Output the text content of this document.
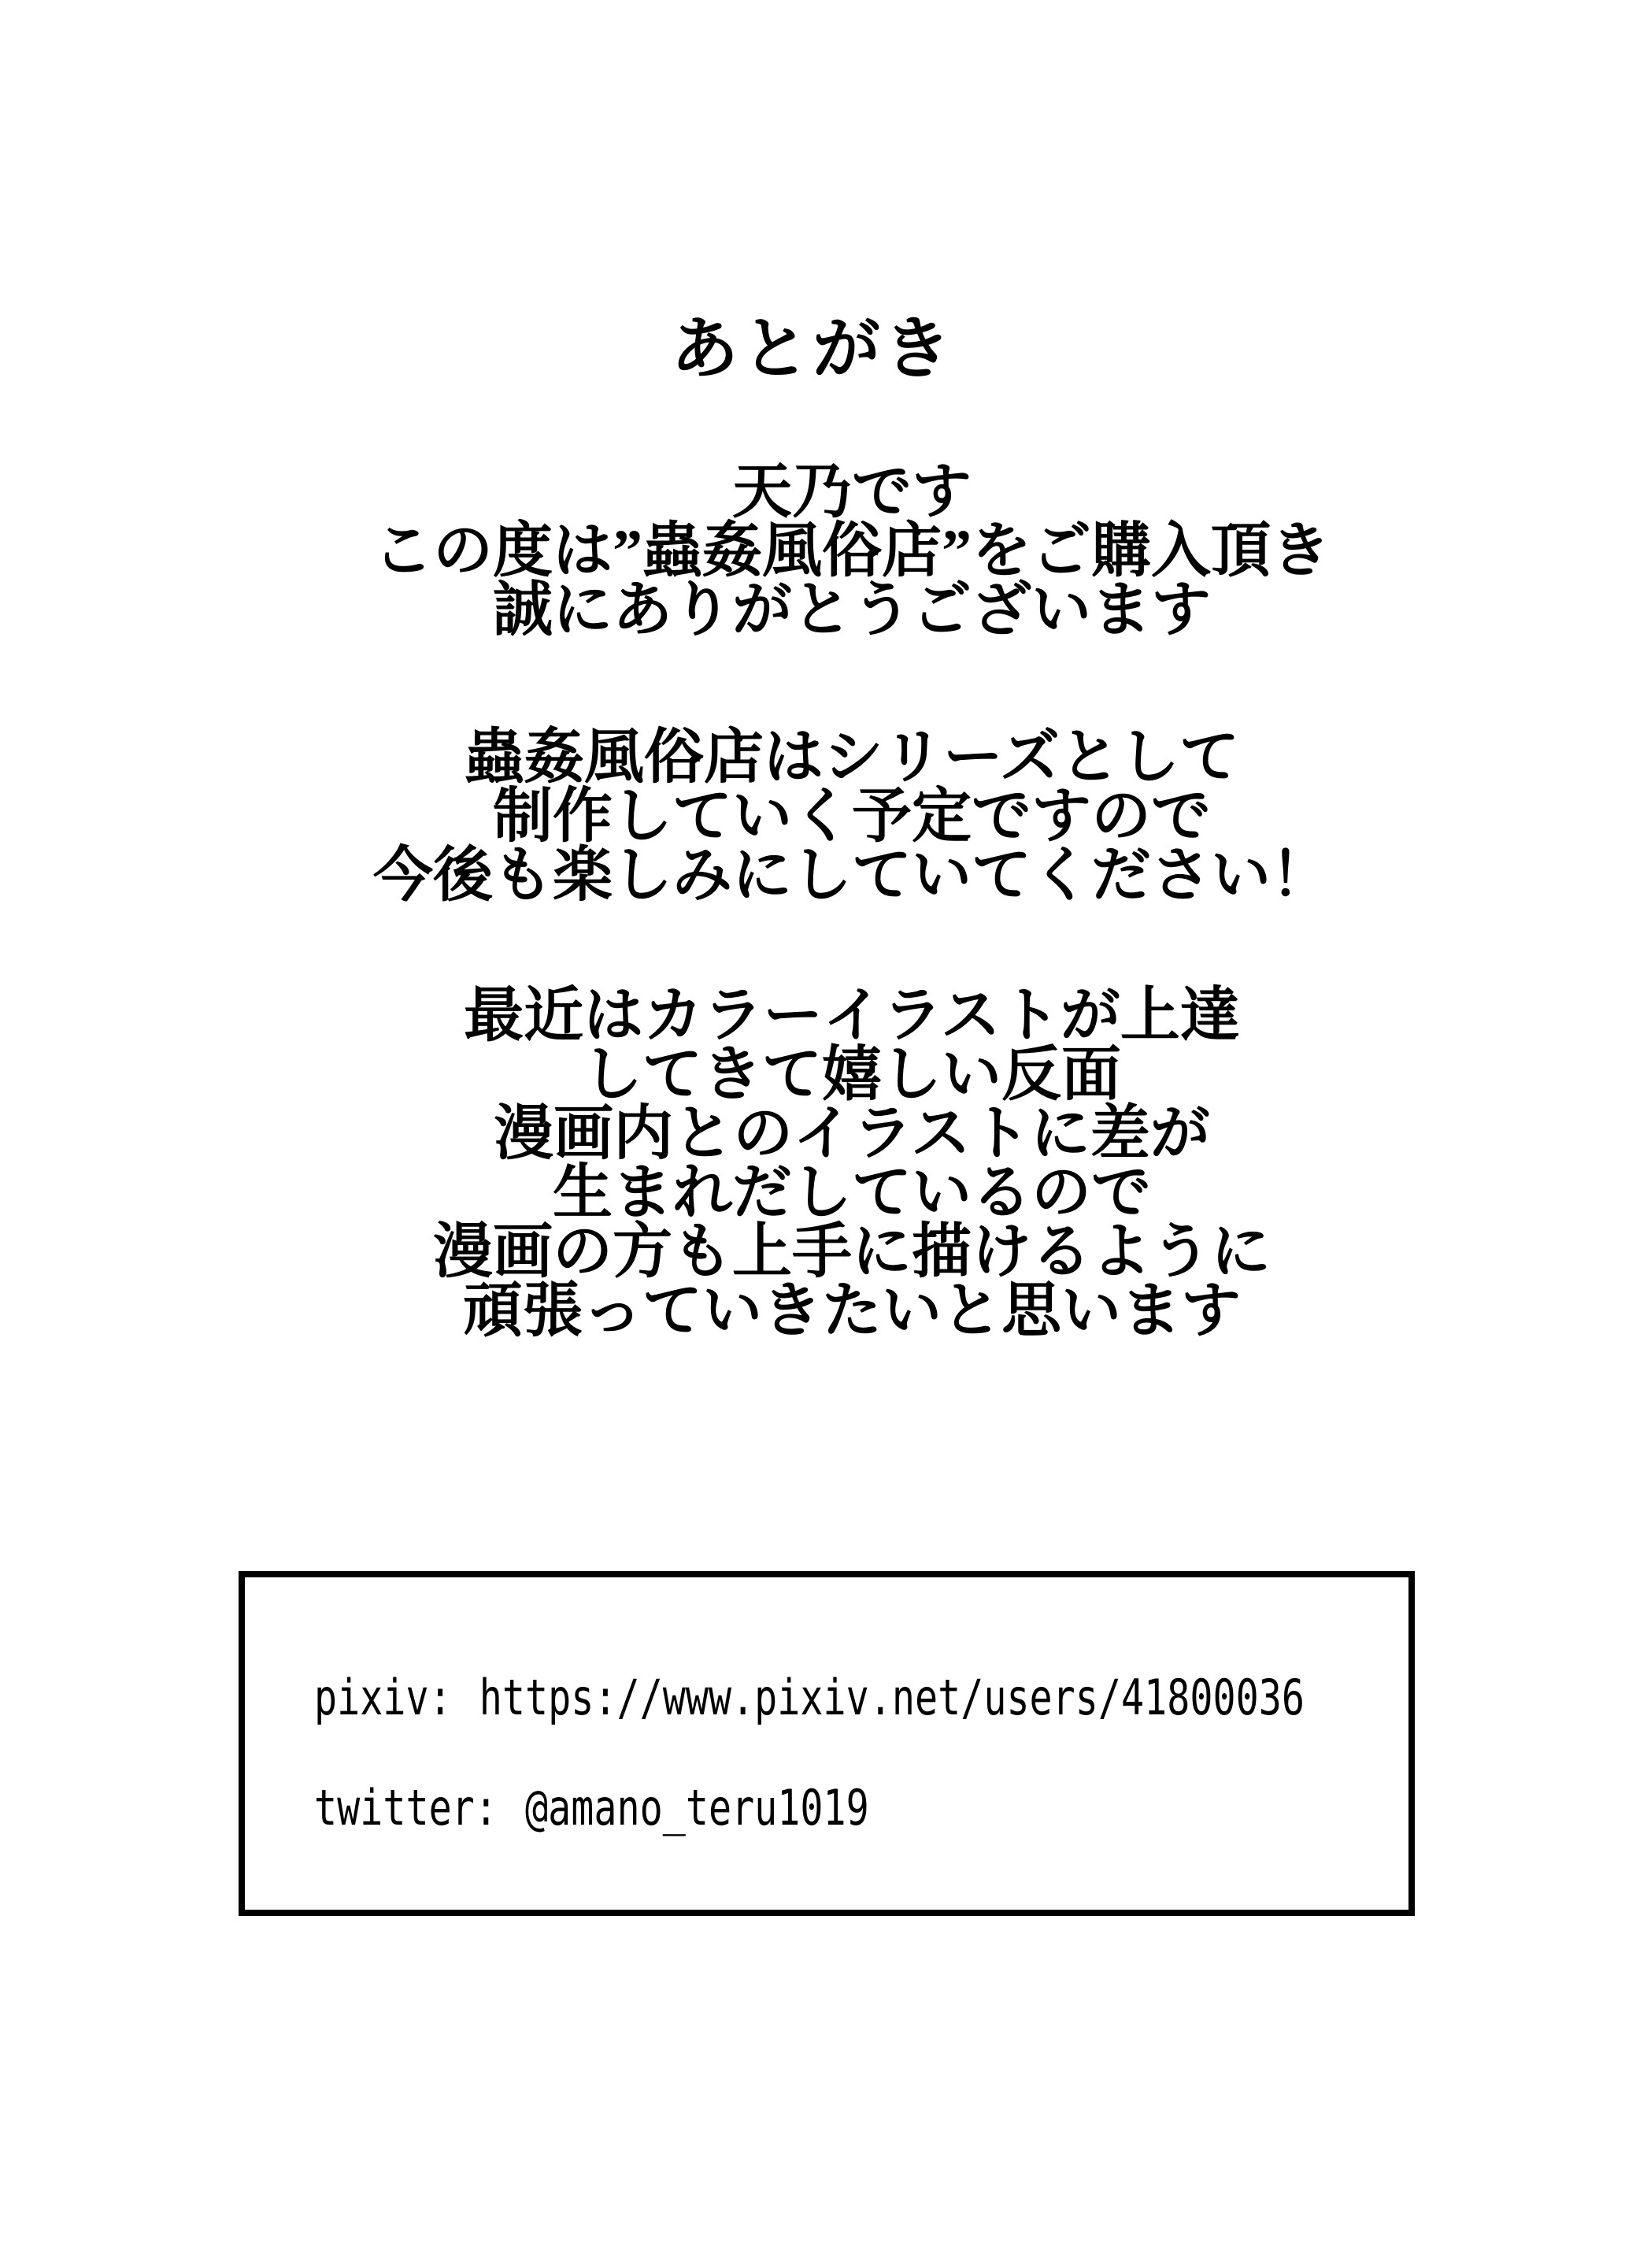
あとがき

天乃です
この度は”蟲姦風俗店”をご購入頂き
誠にありがとうございます

蟲姦風俗店はシリーズとして
制作していく予定ですので
今後も楽しみにしていてください！

最近はカラーイラストが上達
してきて嬉しい反面
漫画内とのイラストに差が
生まれだしているので
漫画の方も上手に描けるように
頑張っていきたいと思います

pixiv: https://www.pixiv.net/users/41800036
twitter: @amano_teru1019
